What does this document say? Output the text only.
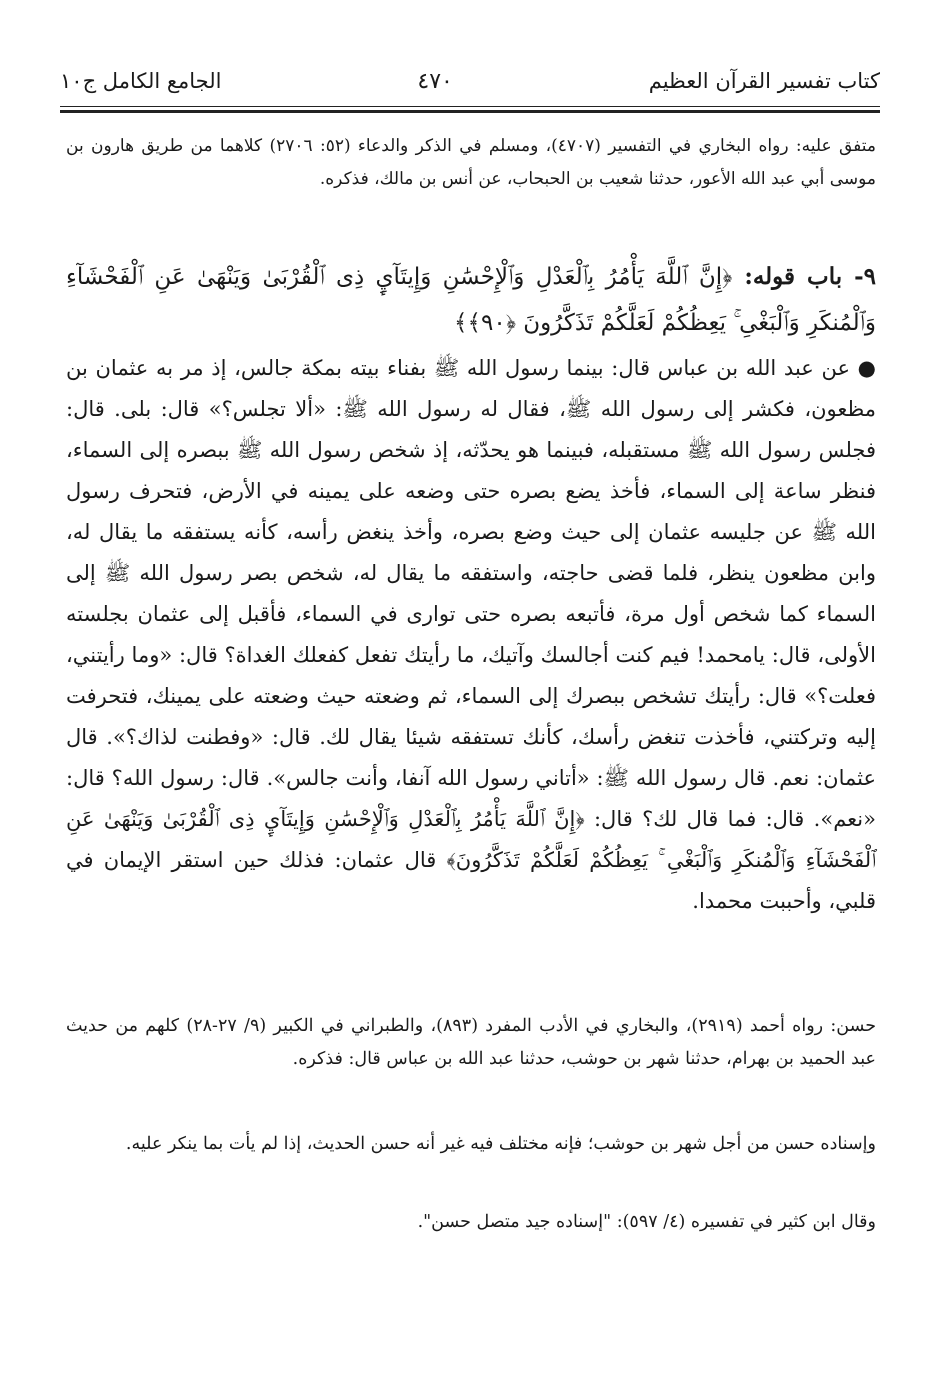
كتاب تفسير القرآن العظيم
٤٧٠
الجامع الكامل ج١٠
متفق عليه: رواه البخاري في التفسير (٤٧٠٧)، ومسلم في الذكر والدعاء (٥٢: ٢٧٠٦) كلاهما من طريق هارون بن موسى أبي عبد الله الأعور، حدثنا شعيب بن الحبحاب، عن أنس بن مالك، فذكره.
٩- باب قوله: ﴿إِنَّ ٱللَّهَ يَأْمُرُ بِٱلْعَدْلِ وَٱلْإِحْسَٰنِ وَإِيتَآيِٕ ذِى ٱلْقُرْبَىٰ وَيَنْهَىٰ عَنِ ٱلْفَحْشَآءِ وَٱلْمُنكَرِ وَٱلْبَغْىِ ۚ يَعِظُكُمْ لَعَلَّكُمْ تَذَكَّرُونَ ﴿٩٠﴾﴾
● عن عبد الله بن عباس قال: بينما رسول الله ﷺ بفناء بيته بمكة جالس، إذ مر به عثمان بن مظعون، فكشر إلى رسول الله ﷺ، فقال له رسول الله ﷺ: «ألا تجلس؟» قال: بلى. قال: فجلس رسول الله ﷺ مستقبله، فبينما هو يحدّثه، إذ شخص رسول الله ﷺ ببصره إلى السماء، فنظر ساعة إلى السماء، فأخذ يضع بصره حتى وضعه على يمينه في الأرض، فتحرف رسول الله ﷺ عن جليسه عثمان إلى حيث وضع بصره، وأخذ ينغض رأسه، كأنه يستفقه ما يقال له، وابن مظعون ينظر، فلما قضى حاجته، واستفقه ما يقال له، شخص بصر رسول الله ﷺ إلى السماء كما شخص أول مرة، فأتبعه بصره حتى توارى في السماء، فأقبل إلى عثمان بجلسته الأولى، قال: يامحمد! فيم كنت أجالسك وآتيك، ما رأيتك تفعل كفعلك الغداة؟ قال: «وما رأيتني، فعلت؟» قال: رأيتك تشخص ببصرك إلى السماء، ثم وضعته حيث وضعته على يمينك، فتحرفت إليه وتركتني، فأخذت تنغض رأسك، كأنك تستفقه شيئا يقال لك. قال: «وفطنت لذاك؟». قال عثمان: نعم. قال رسول الله ﷺ: «أتاني رسول الله آنفا، وأنت جالس». قال: رسول الله؟ قال: «نعم». قال: فما قال لك؟ قال: ﴿إِنَّ ٱللَّهَ يَأْمُرُ بِٱلْعَدْلِ وَٱلْإِحْسَٰنِ وَإِيتَآيِٕ ذِى ٱلْقُرْبَىٰ وَيَنْهَىٰ عَنِ ٱلْفَحْشَآءِ وَٱلْمُنكَرِ وَٱلْبَغْىِ ۚ يَعِظُكُمْ لَعَلَّكُمْ تَذَكَّرُونَ﴾ قال عثمان: فذلك حين استقر الإيمان في قلبي، وأحببت محمدا.
حسن: رواه أحمد (٢٩١٩)، والبخاري في الأدب المفرد (٨٩٣)، والطبراني في الكبير (٩/ ٢٧-٢٨) كلهم من حديث عبد الحميد بن بهرام، حدثنا شهر بن حوشب، حدثنا عبد الله بن عباس قال: فذكره.
وإسناده حسن من أجل شهر بن حوشب؛ فإنه مختلف فيه غير أنه حسن الحديث، إذا لم يأت بما ينكر عليه.
وقال ابن كثير في تفسيره (٤/ ٥٩٧): "إسناده جيد متصل حسن".
